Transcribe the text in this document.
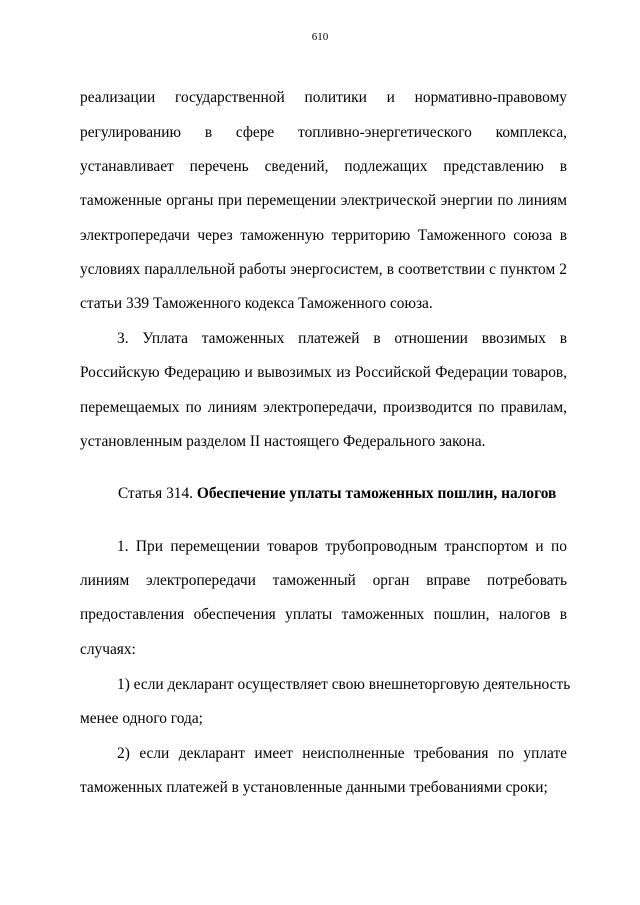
610
реализации государственной политики и нормативно-правовому
регулированию в сфере топливно-энергетического комплекса,
устанавливает перечень сведений, подлежащих представлению в
таможенные органы при перемещении электрической энергии по линиям
электропередачи через таможенную территорию Таможенного союза в
условиях параллельной работы энергосистем, в соответствии с пунктом 2
статьи 339 Таможенного кодекса Таможенного союза.
3. Уплата таможенных платежей в отношении ввозимых в
Российскую Федерацию и вывозимых из Российской Федерации товаров,
перемещаемых по линиям электропередачи, производится по правилам,
установленным разделом II настоящего Федерального закона.
Статья 314. Обеспечение уплаты таможенных пошлин, налогов
1. При перемещении товаров трубопроводным транспортом и по
линиям электропередачи таможенный орган вправе потребовать
предоставления обеспечения уплаты таможенных пошлин, налогов в
случаях:
1) если декларант осуществляет свою внешнеторговую деятельность
менее одного года;
2) если декларант имеет неисполненные требования по уплате
таможенных платежей в установленные данными требованиями сроки;
